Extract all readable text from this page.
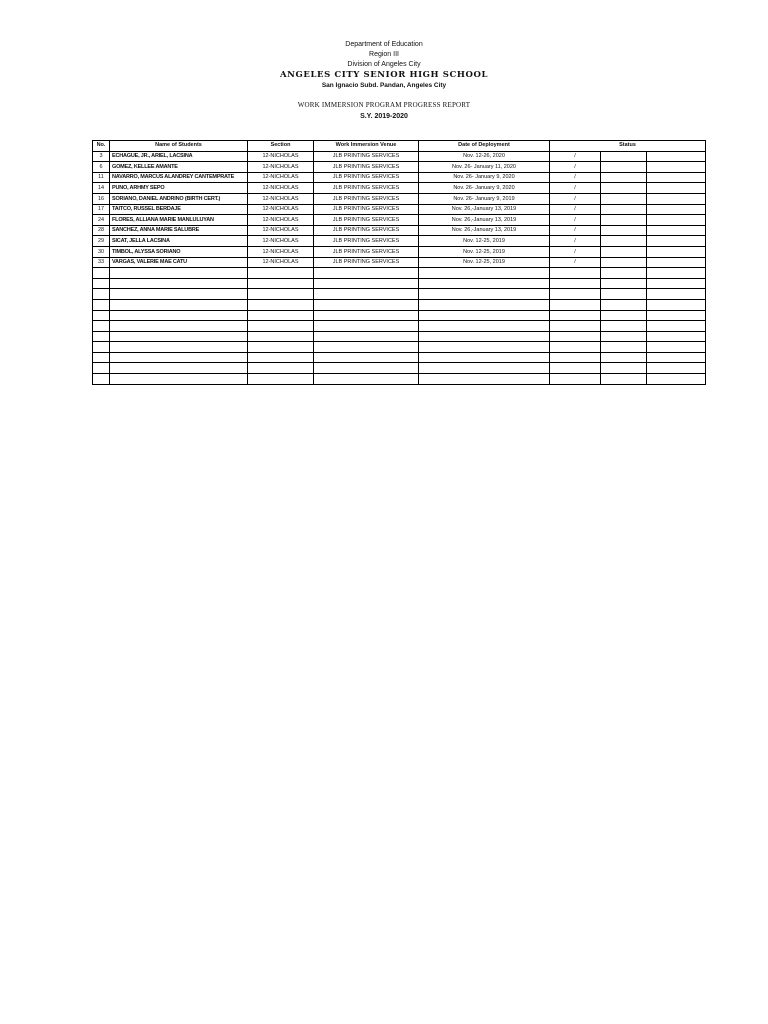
Department of Education
Region III
Division of Angeles City
ANGELES CITY SENIOR HIGH SCHOOL
San Ignacio Subd. Pandan, Angeles City
WORK IMMERSION PROGRAM PROGRESS REPORT
S.Y. 2019-2020
No.	Name of Students	Section	Work Immersion Venue	Date of Deployment	Status		
3	ECHAGUE, JR., ARIEL, LACSINA	12-NICHOLAS	JLB PRINTING SERVICES	Nov. 12-26, 2020	/		
6	GOMEZ, KELLEE AMANTE	12-NICHOLAS	JLB PRINTING SERVICES	Nov. 26- January 11, 2020	/		
11	NAVARRO, MARCUS ALANDREY CANTEMPRATE	12-NICHOLAS	JLB PRINTING SERVICES	Nov. 26- January 9, 2020	/		
14	PUNO, ARHMY SEPO	12-NICHOLAS	JLB PRINTING SERVICES	Nov. 26- January 9, 2020	/		
16	SORIANO, DANIEL ANDRINO (BIRTH CERT.)	12-NICHOLAS	JLB PRINTING SERVICES	Nov. 26- January 9, 2019	/		
17	TAITCO, RUSSEL BERDAJE	12-NICHOLAS	JLB PRINTING SERVICES	Nov. 26,-January 13, 2019	/		
24	FLORES, ALLIANA MARIE MANLULUYAN	12-NICHOLAS	JLB PRINTING SERVICES	Nov. 26,-January 13, 2019	/		
28	SANCHEZ, ANNA MARIE SALUBRE	12-NICHOLAS	JLB PRINTING SERVICES	Nov. 26,-January 13, 2019	/		
29	SICAT, JELLA LACSINA	12-NICHOLAS	JLB PRINTING SERVICES	Nov. 12-25, 2019	/		
30	TIMBOL, ALYSSA SORIANO	12-NICHOLAS	JLB PRINTING SERVICES	Nov. 12-25, 2019	/		
33	VARGAS, VALERIE MAE CATU	12-NICHOLAS	JLB PRINTING SERVICES	Nov. 12-25, 2019	/		
